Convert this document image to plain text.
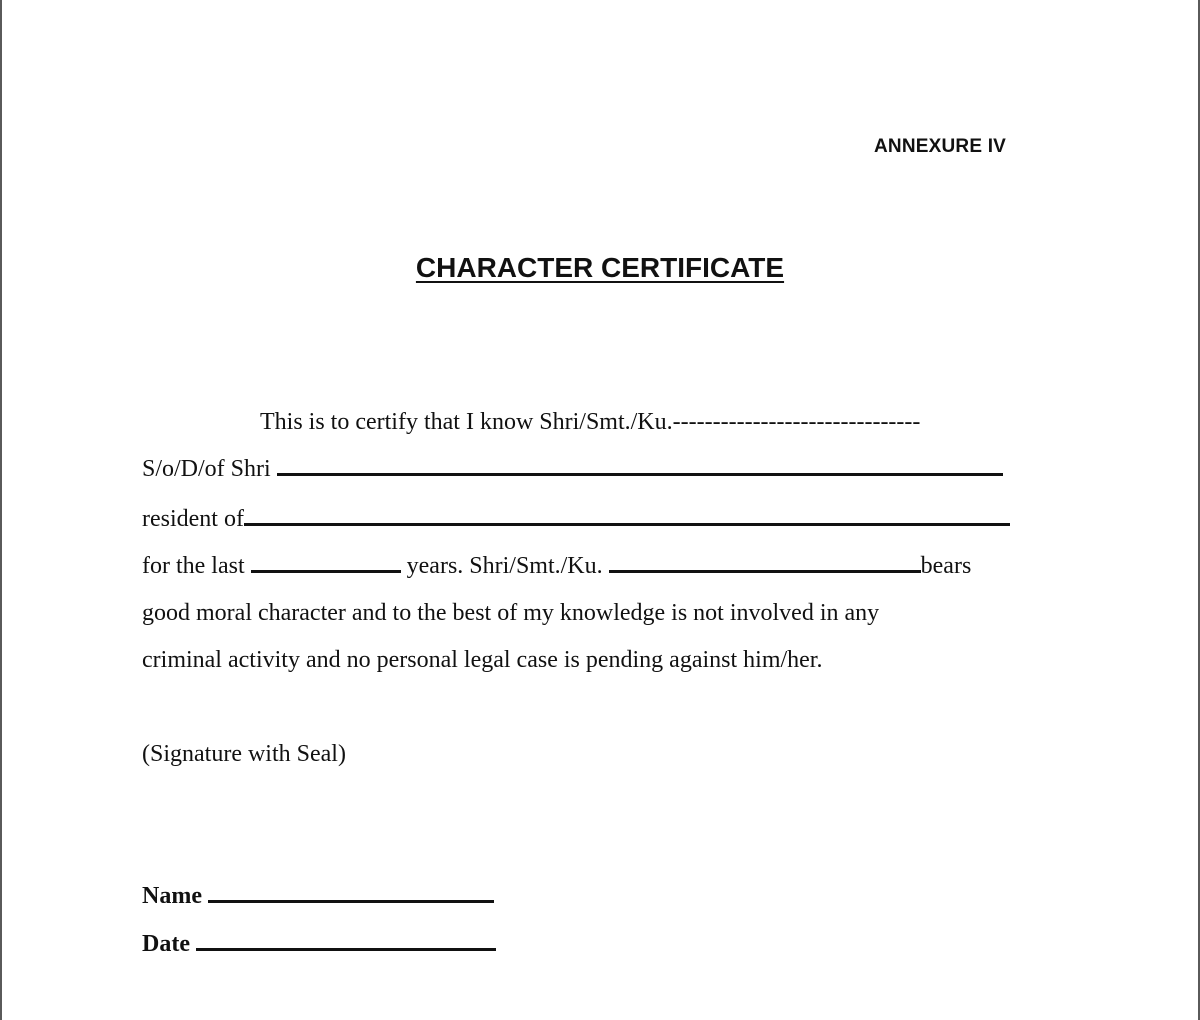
ANNEXURE IV
CHARACTER CERTIFICATE
This is to certify that I know Shri/Smt./Ku.-------------------------------
S/o/D/of Shri
resident of
for the last	years. Shri/Smt./Ku.	bears
good moral character and to the best of my knowledge is not involved in any
criminal activity and no personal legal case is pending against him/her.
(Signature with Seal)
Name
Date
